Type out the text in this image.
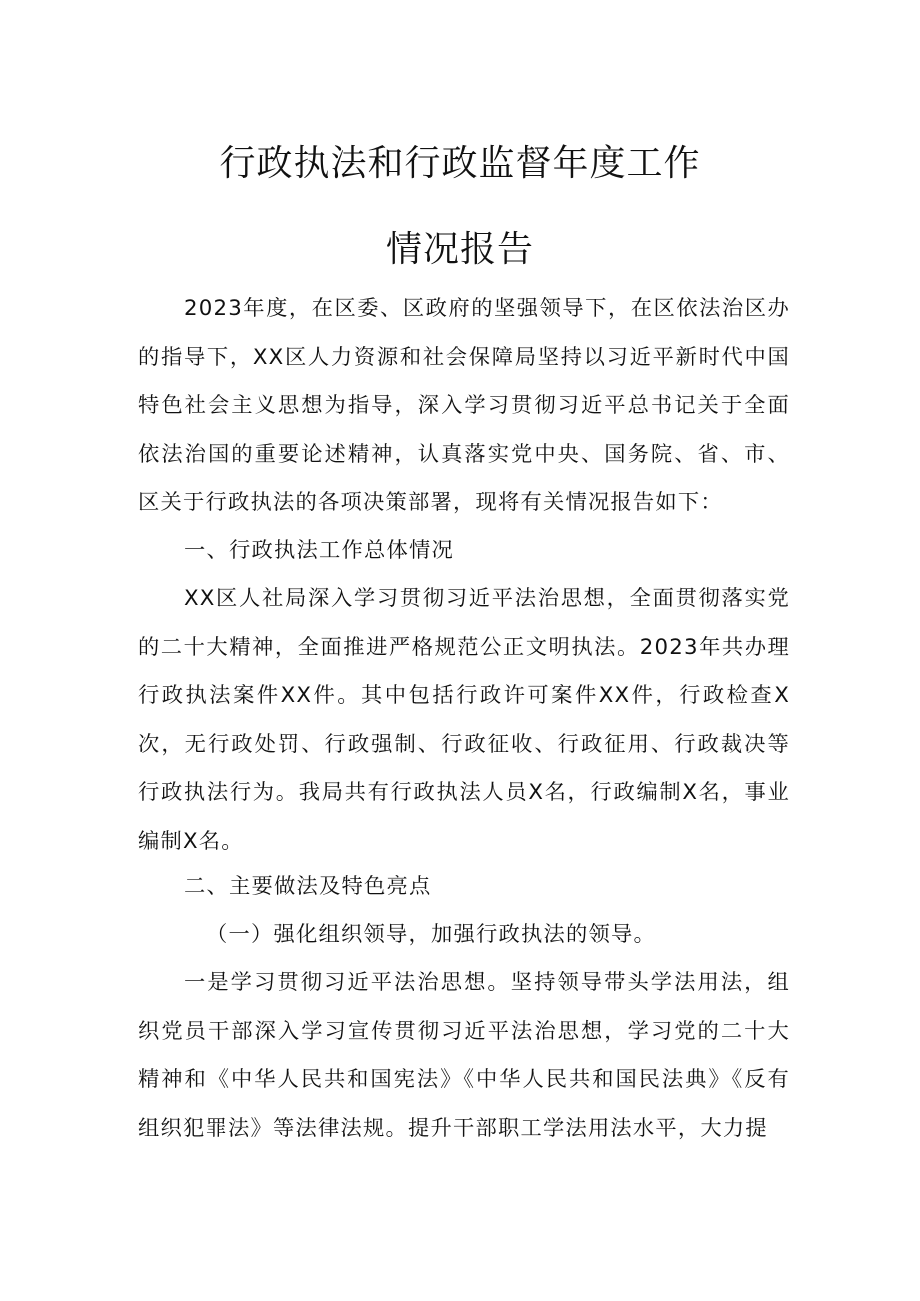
行政执法和行政监督年度工作
情况报告
2023年度，在区委、区政府的坚强领导下，在区依法治区办的指导下，XX区人力资源和社会保障局坚持以习近平新时代中国特色社会主义思想为指导，深入学习贯彻习近平总书记关于全面依法治国的重要论述精神，认真落实党中央、国务院、省、市、区关于行政执法的各项决策部署，现将有关情况报告如下：
一、行政执法工作总体情况
XX区人社局深入学习贯彻习近平法治思想，全面贯彻落实党的二十大精神，全面推进严格规范公正文明执法。2023年共办理行政执法案件XX件。其中包括行政许可案件XX件，行政检查X次，无行政处罚、行政强制、行政征收、行政征用、行政裁决等行政执法行为。我局共有行政执法人员X名，行政编制X名，事业编制X名。
二、主要做法及特色亮点
（一）强化组织领导，加强行政执法的领导。
一是学习贯彻习近平法治思想。坚持领导带头学法用法，组织党员干部深入学习宣传贯彻习近平法治思想，学习党的二十大精神和《中华人民共和国宪法》《中华人民共和国民法典》《反有组织犯罪法》等法律法规。提升干部职工学法用法水平，大力提
